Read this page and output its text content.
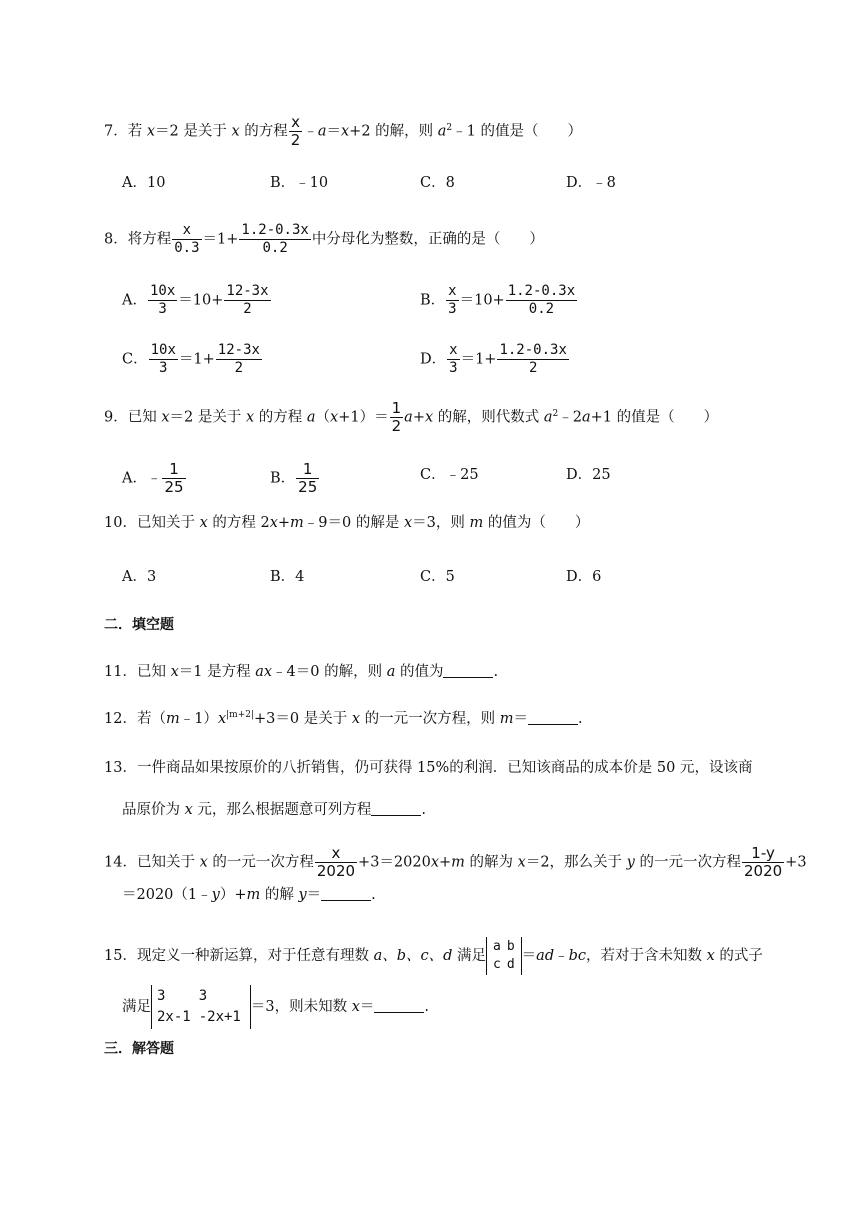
7．若 x＝2 是关于 x 的方程 $\frac{x}{2}$ ﹣a＝x+2 的解，则 $a^2﹣1$ 的值是（　　）
A．10	B．﹣10	C．8	D．﹣8
8．将方程 $\frac{x}{0.3} =1+ \frac{1.2-0.3x}{0.2}$ 中分母化为整数，正确的是（　　）
A． $\frac{10x}{3} =10+ \frac{12-3x}{2}$	B． $\frac{x}{3} =10+ \frac{1.2-0.3x}{0.2}$
C． $\frac{10x}{3} =1+ \frac{12-3x}{2}$	D． $\frac{x}{3} =1+ \frac{1.2-0.3x}{2}$
9．已知 x＝2 是关于 x 的方程 $a(x+1)= \frac{1}{2} a+x$ 的解，则代数式 $a^2﹣2a+1$ 的值是（　　）
A．﹣ $\frac{1}{25}$	B． $\frac{1}{25}$	C．﹣25	D．25
10．已知关于 x 的方程 2x+m﹣9＝0 的解是 x＝3，则 m 的值为（　　）
A．3	B．4	C．5	D．6
二．填空题
11．已知 x＝1 是方程 ax﹣4＝0 的解，则 a 的值为	.
12．若$(m﹣1)x^{|m+2|}+3=0$ 是关于 x 的一元一次方程，则 m＝	.
13．一件商品如果按原价的八折销售，仍可获得 15%的利润．已知该商品的成本价是 50 元，设该商
品原价为 x 元，那么根据题意可列方程	.
14．已知关于 x 的一元一次方程 $\frac{x}{2020} +3=2020x+m$ 的解为 x＝2，那么关于 y 的一元一次方程 $\frac{1-y}{2020} +3$
＝2020（1﹣y）+m 的解 y＝	.
15．现定义一种新运算，对于任意有理数 a、b、c、d 满足
a	b
c	d
＝ad﹣bc，若对于含未知数 x 的式子
满足
3	3
2x-1	-2x+1
＝3，则未知数 x＝	.
三．解答题
